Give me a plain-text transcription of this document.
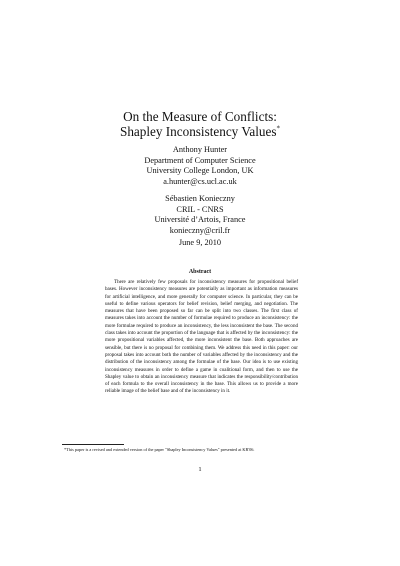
On the Measure of Conflicts:
Shapley Inconsistency Values*
Anthony Hunter
Department of Computer Science
University College London, UK
a.hunter@cs.ucl.ac.uk
Sébastien Konieczny
CRIL - CNRS
Université d’Artois, France
konieczny@cril.fr
June 9, 2010
Abstract
There are relatively few proposals for inconsistency measures for propositional belief bases. However inconsistency measures are potentially as important as information measures for artificial intelligence, and more generally for computer science. In particular, they can be useful to define various operators for belief revision, belief merging, and negotiation. The measures that have been proposed so far can be split into two classes. The first class of measures takes into account the number of formulae required to produce an inconsistency: the more formulae required to produce an inconsistency, the less inconsistent the base. The second class takes into account the proportion of the language that is affected by the inconsistency: the more propositional variables affected, the more inconsistent the base. Both approaches are sensible, but there is no proposal for combining them. We address this need in this paper: our proposal takes into account both the number of variables affected by the inconsistency and the distribution of the inconsistency among the formulae of the base. Our idea is to use existing inconsistency measures in order to define a game in coalitional form, and then to use the Shapley value to obtain an inconsistency measure that indicates the responsibility/contribution of each formula to the overall inconsistency in the base. This allows us to provide a more reliable image of the belief base and of the inconsistency in it.
*This paper is a revised and extended version of the paper "Shapley Inconsistency Values" presented at KR'06.
1
